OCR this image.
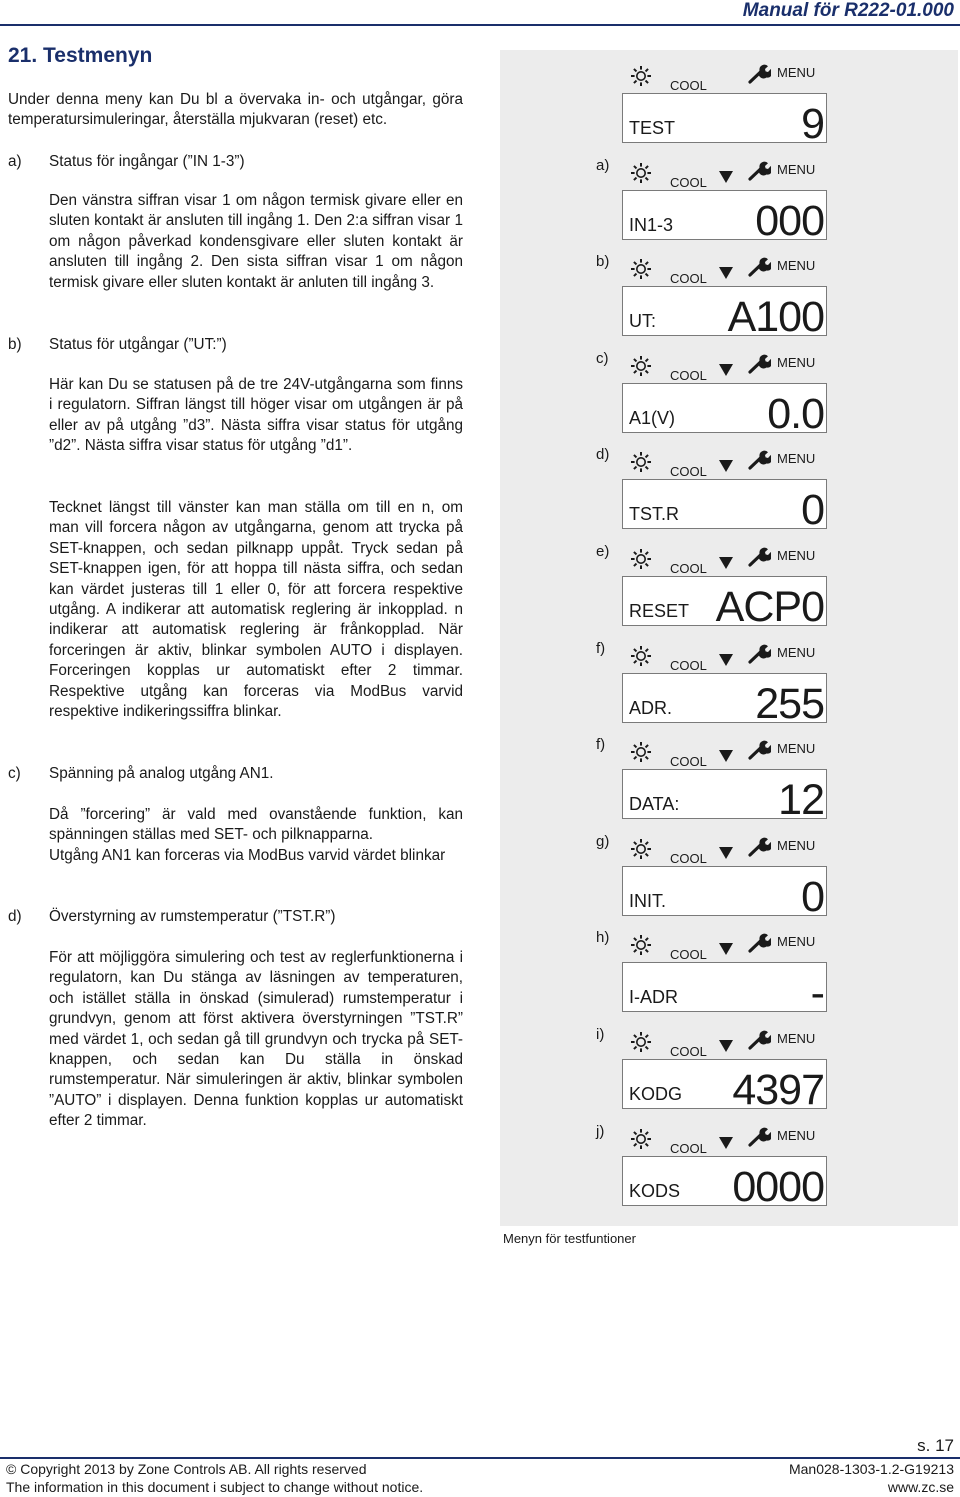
Manual för R222-01.000
21. Testmenyn

Under denna meny kan Du bl a övervaka in- och utgångar, göra temperatursimuleringar, återställa mjukvaran (reset) etc.

a) Status för ingångar (”IN 1-3”)

Den vänstra siffran visar 1 om någon termisk givare eller en sluten kontakt är ansluten till ingång 1. Den 2:a siffran visar 1 om någon påverkad kondensgivare eller sluten kontakt är ansluten till ingång 2. Den sista siffran visar 1 om någon termisk givare eller sluten kontakt är anluten till ingång 3.

b) Status för utgångar (”UT:”)

Här kan Du se statusen på de tre 24V-utgångarna som finns i regulatorn. Siffran längst till höger visar om utgången är på eller av på utgång ”d3”. Nästa siffra visar status för utgång ”d2”. Nästa siffra visar status för utgång ”d1”.

Tecknet längst till vänster kan man ställa om till en n, om man vill forcera någon av utgångarna, genom att trycka på SET-knappen, och sedan pilknapp uppåt. Tryck sedan på SET-knappen igen, för att hoppa till nästa siffra, och sedan kan värdet justeras till 1 eller 0, för att forcera respektive utgång. A indikerar att automatisk reglering är inkopplad. n indikerar att automatisk reglering är frånkopplad. När forceringen är aktiv, blinkar symbolen AUTO i displayen. Forceringen kopplas ur automatiskt efter 2 timmar. Respektive utgång kan forceras via ModBus varvid respektive indikeringssiffra blinkar.

c) Spänning på analog utgång AN1.

Då ”forcering” är vald med ovanstående funktion, kan spänningen ställas med SET- och pilknapparna.

Utgång AN1 kan forceras via ModBus varvid värdet blinkar

d) Överstyrning av rumstemperatur (”TST.R”)

För att möjliggöra simulering och test av reglerfunktionerna i regulatorn, kan Du stänga av läsningen av temperaturen, och istället ställa in önskad (simulerad) rumstemperatur i grundvyn, genom att först aktivera överstyrningen ”TST.R” med värdet 1, och sedan gå till grundvyn och trycka på SET-knappen, och sedan kan Du ställa in önskad rumstemperatur. När simuleringen är aktiv, blinkar symbolen ”AUTO” i displayen. Denna funktion kopplas ur automatiskt efter 2 timmar.

COOL
MENU
TEST	9
a)
COOL
MENU
IN1-3 000
b)
COOL
MENU
UT: A100
c)
COOL
MENU
A1(V) 0.0
d)
COOL
MENU
TST.R	0
e)
COOL
MENU
RESET ACP0
f)
COOL
MENU
ADR. 255
f)
COOL
MENU
DATA: 12
g)
COOL
MENU
INIT.	0
h)
COOL
MENU
I-ADR	-
i)
COOL
MENU
KODG 4397
j)
COOL
MENU
KODS 0000
Menyn för testfuntioner
s. 17
© Copyright 2013 by Zone Controls AB. All rights reserved
The information in this document i subject to change without notice.
Man028-1303-1.2-G19213
www.zc.se
